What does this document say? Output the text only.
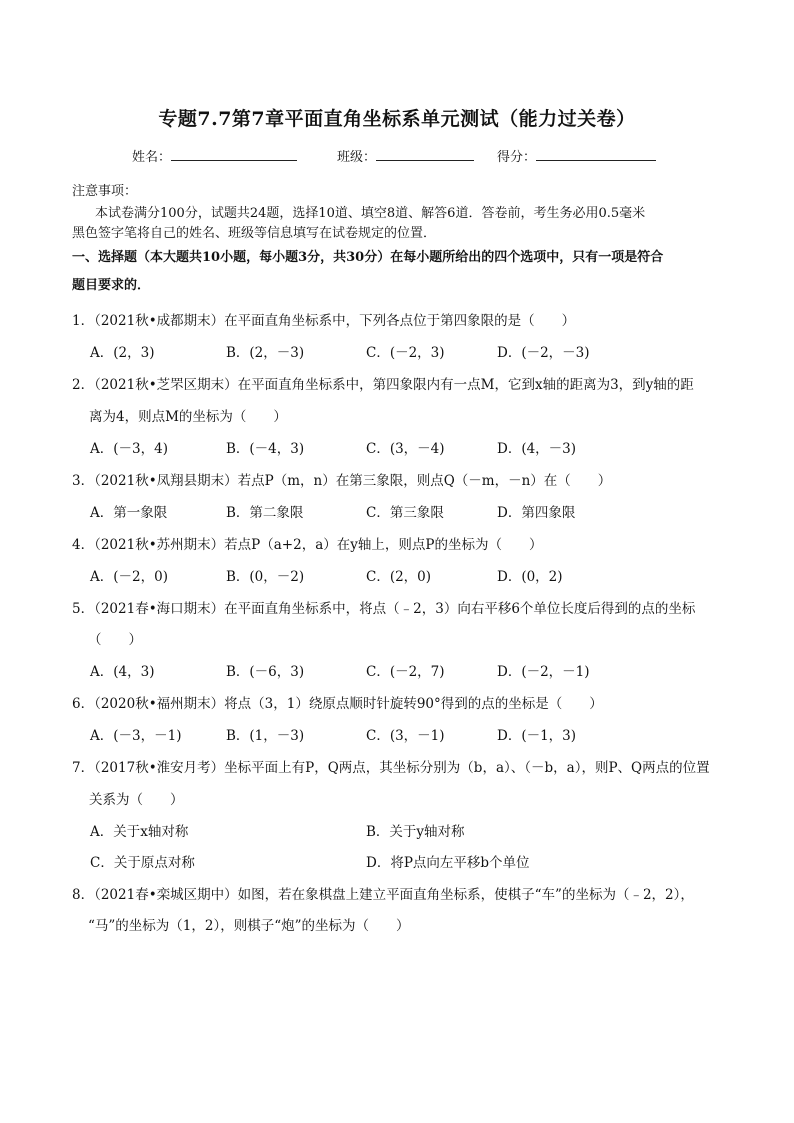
专题7.7第7章平面直角坐标系单元测试（能力过关卷）
姓名：	班级：	得分：
注意事项：
本试卷满分100分，试题共24题，选择10道、填空8道、解答6道．答卷前，考生务必用0.5毫米
黑色签字笔将自己的姓名、班级等信息填写在试卷规定的位置．
一、选择题（本大题共10小题，每小题3分，共30分）在每小题所给出的四个选项中，只有一项是符合
题目要求的．
1．（2021秋•成都期末）在平面直角坐标系中，下列各点位于第四象限的是（　　）
A．(2，3)	B．(2，－3)	C．(－2，3)	D．(－2，－3)
2．（2021秋•芝罘区期末）在平面直角坐标系中，第四象限内有一点M，它到x轴的距离为3，到y轴的距
离为4，则点M的坐标为（　　）
A．(－3，4)	B．(－4，3)	C．(3，－4)	D．(4，－3)
3．（2021秋•凤翔县期末）若点P（m，n）在第三象限，则点Q（－m，－n）在（　　）
A．第一象限	B．第二象限	C．第三象限	D．第四象限
4．（2021秋•苏州期末）若点P（a+2，a）在y轴上，则点P的坐标为（　　）
A．(－2，0)	B．(0，－2)	C．(2，0)	D．(0，2)
5．（2021春•海口期末）在平面直角坐标系中，将点（﹣2，3）向右平移6个单位长度后得到的点的坐标
（　　）
A．(4，3)	B．(－6，3)	C．(－2，7)	D．(－2，－1)
6．（2020秋•福州期末）将点（3，1）绕原点顺时针旋转90°得到的点的坐标是（　　）
A．(－3，－1)	B．(1，－3)	C．(3，－1)	D．(－1，3)
7．（2017秋•淮安月考）坐标平面上有P，Q两点，其坐标分别为（b，a）、（－b，a），则P、Q两点的位置
关系为（　　）
A．关于x轴对称	B．关于y轴对称
C．关于原点对称	D．将P点向左平移b个单位
8．（2021春•栾城区期中）如图，若在象棋盘上建立平面直角坐标系，使棋子“车”的坐标为（﹣2，2），
“马”的坐标为（1，2），则棋子“炮”的坐标为（　　）
